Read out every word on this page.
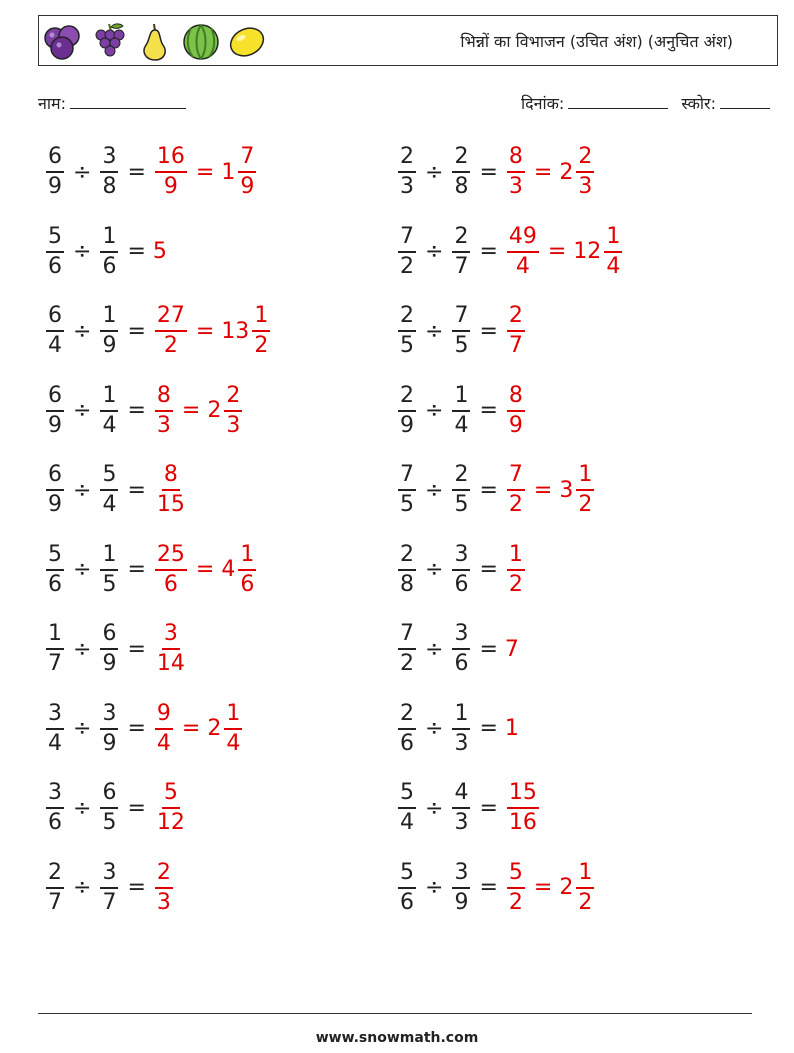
भिन्नों का विभाजन (उचित अंश) (अनुचित अंश)
नाम:	दिनांक:	स्कोर:
$\frac{6}{9} \div \frac{3}{8} = \frac{16}{9} = 1 \frac{7}{9}$
$\frac{5}{6} \div \frac{1}{6} = 5$
$\frac{6}{4} \div \frac{1}{9} = \frac{27}{2} = 13 \frac{1}{2}$
$\frac{6}{9} \div \frac{1}{4} = \frac{8}{3} = 2 \frac{2}{3}$
$\frac{6}{9} \div \frac{5}{4} = \frac{8}{15}$
$\frac{5}{6} \div \frac{1}{5} = \frac{25}{6} = 4 \frac{1}{6}$
$\frac{1}{7} \div \frac{6}{9} = \frac{3}{14}$
$\frac{3}{4} \div \frac{3}{9} = \frac{9}{4} = 2 \frac{1}{4}$
$\frac{3}{6} \div \frac{6}{5} = \frac{5}{12}$
$\frac{2}{7} \div \frac{3}{7} = \frac{2}{3}$
$\frac{2}{3} \div \frac{2}{8} = \frac{8}{3} = 2 \frac{2}{3}$
$\frac{7}{2} \div \frac{2}{7} = \frac{49}{4} = 12 \frac{1}{4}$
$\frac{2}{5} \div \frac{7}{5} = \frac{2}{7}$
$\frac{2}{9} \div \frac{1}{4} = \frac{8}{9}$
$\frac{7}{5} \div \frac{2}{5} = \frac{7}{2} = 3 \frac{1}{2}$
$\frac{2}{8} \div \frac{3}{6} = \frac{1}{2}$
$\frac{7}{2} \div \frac{3}{6} = 7$
$\frac{2}{6} \div \frac{1}{3} = 1$
$\frac{5}{4} \div \frac{4}{3} = \frac{15}{16}$
$\frac{5}{6} \div \frac{3}{9} = \frac{5}{2} = 2 \frac{1}{2}$
www.snowmath.com
